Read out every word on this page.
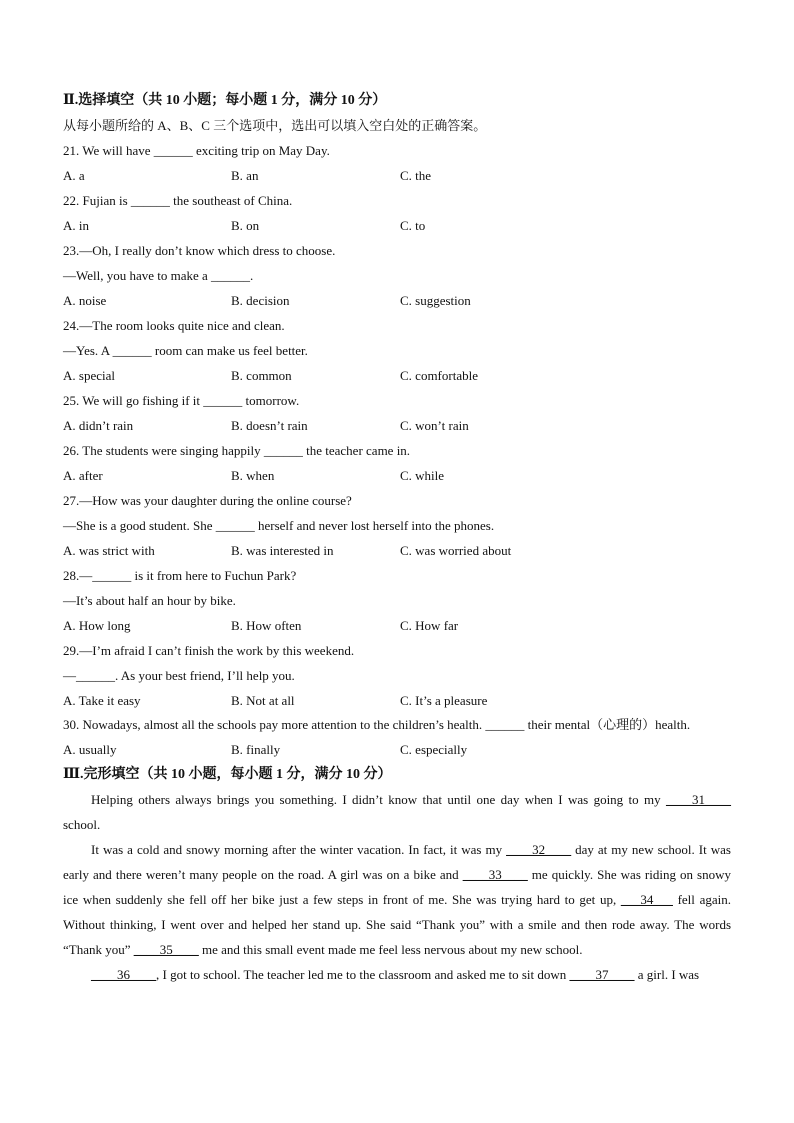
Ⅱ.选择填空（共 10 小题；每小题 1 分，满分 10 分）
从每小题所给的 A、B、C 三个选项中，选出可以填入空白处的正确答案。
21. We will have ______ exciting trip on May Day.
A. a	B. an	C. the
22. Fujian is ______ the southeast of China.
A. in	B. on	C. to
23.—Oh, I really don’t know which dress to choose.
—Well, you have to make a ______.
A. noise	B. decision	C. suggestion
24.—The room looks quite nice and clean.
—Yes. A ______ room can make us feel better.
A. special	B. common	C. comfortable
25. We will go fishing if it ______ tomorrow.
A. didn’t rain	B. doesn’t rain	C. won’t rain
26. The students were singing happily ______ the teacher came in.
A. after	B. when	C. while
27.—How was your daughter during the online course?
—She is a good student. She ______ herself and never lost herself into the phones.
A. was strict with	B. was interested in	C. was worried about
28.—______ is it from here to Fuchun Park?
—It’s about half an hour by bike.
A. How long	B. How often	C. How far
29.—I’m afraid I can’t finish the work by this weekend.
—______. As your best friend, I’ll help you.
A. Take it easy	B. Not at all	C. It’s a pleasure

30. Nowadays, almost all the schools pay more attention to the children’s health. ______ their mental（心理的）health.

A. usually	B. finally	C. especially
Ⅲ.完形填空（共 10 小题，每小题 1 分，满分 10 分）

Helping others always brings you something. I didn’t know that until one day when I was going to my ____31____ school.

It was a cold and snowy morning after the winter vacation. In fact, it was my ____32____ day at my new school. It was early and there weren’t many people on the road. A girl was on a bike and ____33____ me quickly. She was riding on snowy ice when suddenly she fell off her bike just a few steps in front of me. She was trying hard to get up, ___34___ fell again. Without thinking, I went over and helped her stand up. She said “Thank you” with a smile and then rode away. The words “Thank you” ____35____ me and this small event made me feel less nervous about my new school.

____36____, I got to school. The teacher led me to the classroom and asked me to sit down ____37____ a girl. I was
